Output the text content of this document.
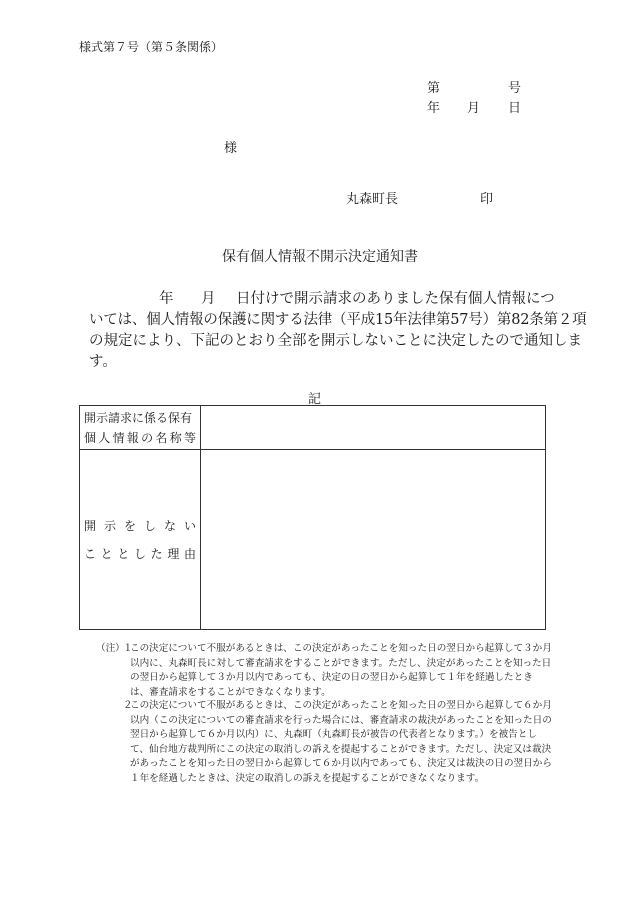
様式第７号（第５条関係）
第	号
年 月 日
様
丸森町長	印
保有個人情報不開示決定通知書
年 月 日付けで開示請求のありました保有個人情報につ
いては、個人情報の保護に関する法律（平成15年法律第57号）第82条第２項
の規定により、下記のとおり全部を開示しないことに決定したので通知しま
す。
記
開示請求に係る保有
個人情報の名称等	

開示をしない
こととした理由	

（注）
１
この決定について不服があるときは、この決定があったことを知った日の翌日から起算して３か月以内に、丸森町長に対して審査請求をすることができます。ただし、決定があったことを知った日の翌日から起算して３か月以内であっても、決定の日の翌日から起算して１年を経過したときは、審査請求をすることができなくなります。
２
この決定について不服があるときは、この決定があったことを知った日の翌日から起算して６か月以内（この決定についての審査請求を行った場合には、審査請求の裁決があったことを知った日の翌日から起算して６か月以内）に、丸森町（丸森町長が被告の代表者となります。）を被告として、仙台地方裁判所にこの決定の取消しの訴えを提起することができます。ただし、決定又は裁決があったことを知った日の翌日から起算して６か月以内であっても、決定又は裁決の日の翌日から１年を経過したときは、決定の取消しの訴えを提起することができなくなります。
